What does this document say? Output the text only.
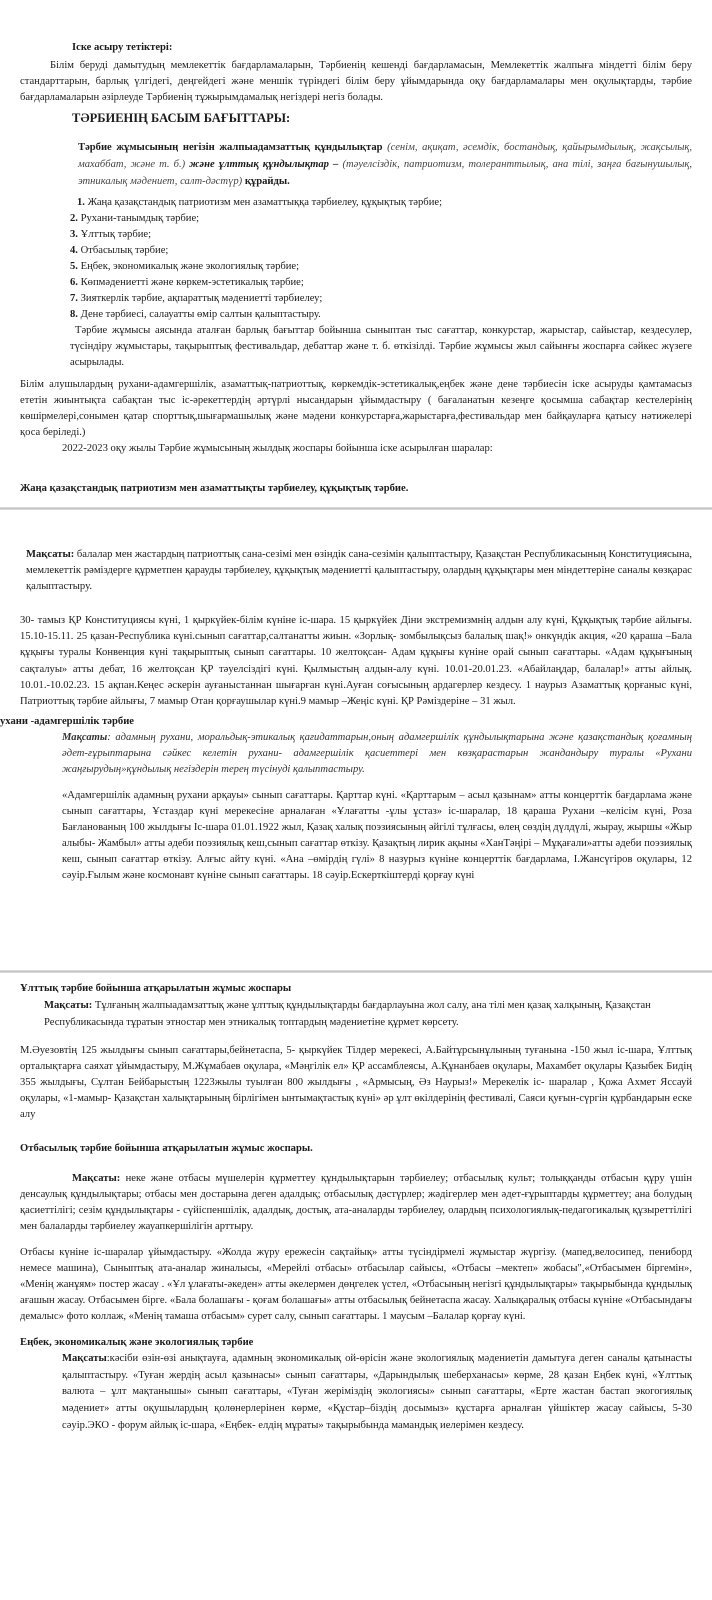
Іске асыру тетіктері:

Білім беруді дамытудың мемлекеттік бағдарламаларын, Тәрбиенің кешенді бағдарламасын, Мемлекеттік жалпыға міндетті білім беру стандарттарын, барлық үлгідегі, деңгейдегі және меншік түріндегі білім беру ұйымдарында оқу бағдарламалары мен оқулықтарды, тәрбие бағдарламаларын әзірлеуде Тәрбиенің тұжырымдамалық негіздері негіз болады.

ТӘРБИЕНІҢ БАСЫМ БАҒЫТТАРЫ:

Тәрбие жұмысының негізін жалпыадамзаттық құндылықтар (сенім, ақиқат, әсемдік, бостандық, қайырымдылық, жақсылық, махаббат, және т. б.) және ұлттық құндылықтар – (тәуелсіздік, патриотизм, толеранттылық, ана тілі, заңға бағынушылық, этникалық мәдениет, салт-дәстүр) құрайды.

1. Жаңа қазақстандық патриотизм мен азаматтыққа тәрбиелеу, құқықтық тәрбие;

2. Рухани-танымдық тәрбие;

3. Ұлттық тәрбие;

4. Отбасылық тәрбие;

5. Еңбек, экономикалық және экологиялық тәрбие;

6. Көпмәдениетті және көркем-эстетикалық тәрбие;

7. Зияткерлік тәрбие, ақпараттық мәдениетті тәрбиелеу;

8. Дене тәрбиесі, салауатты өмір салтын қалыптастыру.

Тәрбие жұмысы аясында аталған барлық бағыттар бойынша сыныптан тыс сағаттар, конкурстар, жарыстар, сайыстар, кездесулер, түсіндіру жұмыстары, тақырыптық фестивальдар, дебаттар және т. б. өткізілді. Тәрбие жұмысы жыл сайынғы жоспарға сәйкес жүзеге асырылады.

Білім алушылардың рухани-адамгершілік, азаматтық-патриоттық, көркемдік-эстетикалық,еңбек және дене тәрбиесін іске асыруды қамтамасыз ететін жиынтықта сабақтан тыс іс-әрекеттердің әртүрлі нысандарын ұйымдастыру ( бағаланатын кезеңге қосымша сабақтар кестелерінің көшірмелері,сонымен қатар спорттық,шығармашылық және мәдени конкурстарға,жарыстарға,фестивальдар мен байқауларға қатысу нәтижелері қоса беріледі.)

2022-2023 оқу жылы Тәрбие жұмысының жылдық жоспары бойынша іске асырылған шаралар:

Жаңа қазақстандық патриотизм мен азаматтықты тәрбиелеу, құқықтық тәрбие.

Мақсаты: балалар мен жастардың патриоттық сана-сезімі мен өзіндік сана-сезімін қалыптастыру, Қазақстан Республикасының Конституциясына, мемлекеттік рәміздерге құрметпен қарауды тәрбиелеу, құқықтық мәдениетті қалыптастыру, олардың құқықтары мен міндеттеріне саналы көзқарас қалыптастыру.

30- тамыз ҚР Конституциясы күні, 1 қыркүйек-білім күніне іс-шара. 15 қыркүйек Діни экстремизмнің алдын алу күні, Құқықтық тәрбие айлығы. 15.10-15.11. 25 қазан-Республика күні.сынып сағаттар,салтанатты жиын. «Зорлық- зомбылықсыз балалық шақ!» онкүндік акция, «20 қараша –Бала құқығы туралы Конвенция күні тақырыптық сынып сағаттары. 10 желтоқсан- Адам құқығы күніне орай сынып сағаттары. «Адам құқығының сақталуы» атты дебат, 16 желтоқсан ҚР тәуелсіздігі күні. Қылмыстың алдын-алу күні. 10.01-20.01.23. «Абайлаңдар, балалар!» атты айлық. 10.01.-10.02.23. 15 ақпан.Кеңес әскерін ауғаныстаннан шығарған күні.Ауған соғысының ардагерлер кездесу. 1 наурыз Азаматтық қорғаныс күні, Патриоттық тәрбие айлығы, 7 мамыр Отан қорғаушылар күні.9 мамыр –Жеңіс күні. ҚР Рәміздеріне – 31 жыл.

ухани -адамгершілік тәрбие

Мақсаты: адамның рухани, моральдық-этикалық қағидаттарын,оның адамгершілік құндылықтарына және қазақстандық қоғамның әдет-ғұрыптарына сәйкес келетін рухани- адамгершілік қасиеттері мен көзқарастарын жандандыру туралы «Рухани жаңғырудың»құндылық негіздерін терең түсінуді қалыптастыру.

«Адамгершілік адамның рухани арқауы» сынып сағаттары. Қарттар күні. «Қарттарым – асыл қазынам» атты концерттік бағдарлама және сынып сағаттары, Ұстаздар күні мерекесіне арналаған «Ұлағатты -ұлы ұстаз» іс-шаралар, 18 қараша Рухани –келісім күні, Роза Бағланованың 100 жылдығы Іс-шара 01.01.1922 жыл, Қазақ халық поэзиясының әйгілі тұлғасы, өлең сөздің дүлдүлі, жырау, жыршы «Жыр алыбы- Жамбыл» атты әдеби поэзиялық кеш,сынып сағаттар өткізу. Қазақтың лирик ақыны «ХанТәңірі – Мұқағали»атты әдеби поэзиялық кеш, сынып сағаттар өткізу. Алғыс айту күні. «Ана –өмірдің гүлі» 8 назурыз күніне концерттік бағдарлама, І.Жансүгіров оқулары, 12 сәуір.Ғылым және космонавт күніне сынып сағаттары. 18 сәуір.Ескерткіштерді қорғау күні

Ұлттық тәрбие бойынша атқарылатын жұмыс жоспары

Мақсаты: Тұлғаның жалпыадамзаттық және ұлттық құндылықтарды бағдарлауына жол салу, ана тілі мен қазақ халқының, Қазақстан Республикасында тұратын этностар мен этникалық топтардың мәдениетіне құрмет көрсету.

М.Әуезовтің 125 жылдығы сынып сағаттары,бейнетаспа, 5- қыркүйек Тілдер мерекесі, А.Байтұрсынұлының туғанына -150 жыл іс-шара, Ұлттық орталықтарға саяхат ұйымдастыру, М.Жұмабаев оқулара, «Мәңгілік ел» ҚР ассамблеясы, А.Құнанбаев оқулары, Махамбет оқулары Қазыбек Бидің 355 жылдығы, Сұлтан Бейбарыстың 1223жылы туылған 800 жылдығы , «Армысың, Әз Наурыз!» Мерекелік іс- шаралар , Қожа Ахмет Яссауй оқулары, «1-мамыр- Қазақстан халықтарының бірлігімен ынтымақтастық күні» әр ұлт өкілдерінің фестивалі, Саяси қуғын-сүргін құрбандарын еске алу

Отбасылық тәрбие бойынша атқарылатын жұмыс жоспары.

Мақсаты: неке және отбасы мүшелерін құрметтеу құндылықтарын тәрбиелеу; отбасылық культ; толыққанды отбасын құру үшін денсаулық құндылықтары; отбасы мен достарына деген адалдық; отбасылық дәстүрлер; жәдігерлер мен әдет-ғұрыптарды құрметтеу; ана болудың қасиеттілігі; сезім құндылықтары - сүйіспеншілік, адалдық, достық, ата-аналарды тәрбиелеу, олардың психологиялық-педагогикалық құзыреттілігі мен балаларды тәрбиелеу жауапкершілігін арттыру.

Отбасы күніне іс-шаралар ұйымдастыру. «Жолда жүру ережесін сақтайық» атты түсіндірмелі жұмыстар жүргізу. (мапед,велосипед, пениборд немесе машина), Сыныптық ата-аналар жиналысы, «Мерейлі отбасы» отбасылар сайысы, «Отбасы –мектеп» жобасы",«Отбасымен біргемін», «Менің жанұям» постер жасау . «Ұл ұлағаты-әкеден» атты әкелермен дөңгелек үстел, «Отбасының негізгі құндылықтары» тақырыбында құндылық ағашын жасау. Отбасымен бірге. «Бала болашағы - қоғам болашағы» атты отбасылық бейнетаспа жасау. Халықаралық отбасы күніне «Отбасындағы демалыс» фото коллаж, «Менің тамаша отбасым» сурет салу, сынып сағаттары. 1 маусым –Балалар қорғау күні.

Еңбек, экономикалық және экологиялық тәрбие

Мақсаты:кәсіби өзін-өзі анықтауға, адамның экономикалық ой-өрісін және экологиялық мәдениетін дамытуға деген саналы қатынасты қалыптастыру. «Туған жердің асыл қазынасы» сынып сағаттары, «Дарындылық шеберханасы» көрме, 28 қазан Еңбек күні, «Ұлттық валюта – ұлт мақтанышы» сынып сағаттары, «Туған жеріміздің экологиясы» сынып сағаттары, «Ерте жастан бастап экогогиялық мәдениет» атты оқушылардың қолөнерлерінен көрме, «Құстар–біздің досымыз» құстарға арналған үйшіктер жасау сайысы, 5-30 сәуір.ЭКО - форум айлық іс-шара, «Еңбек- елдің мұраты» тақырыбында мамандық иелерімен кездесу.
